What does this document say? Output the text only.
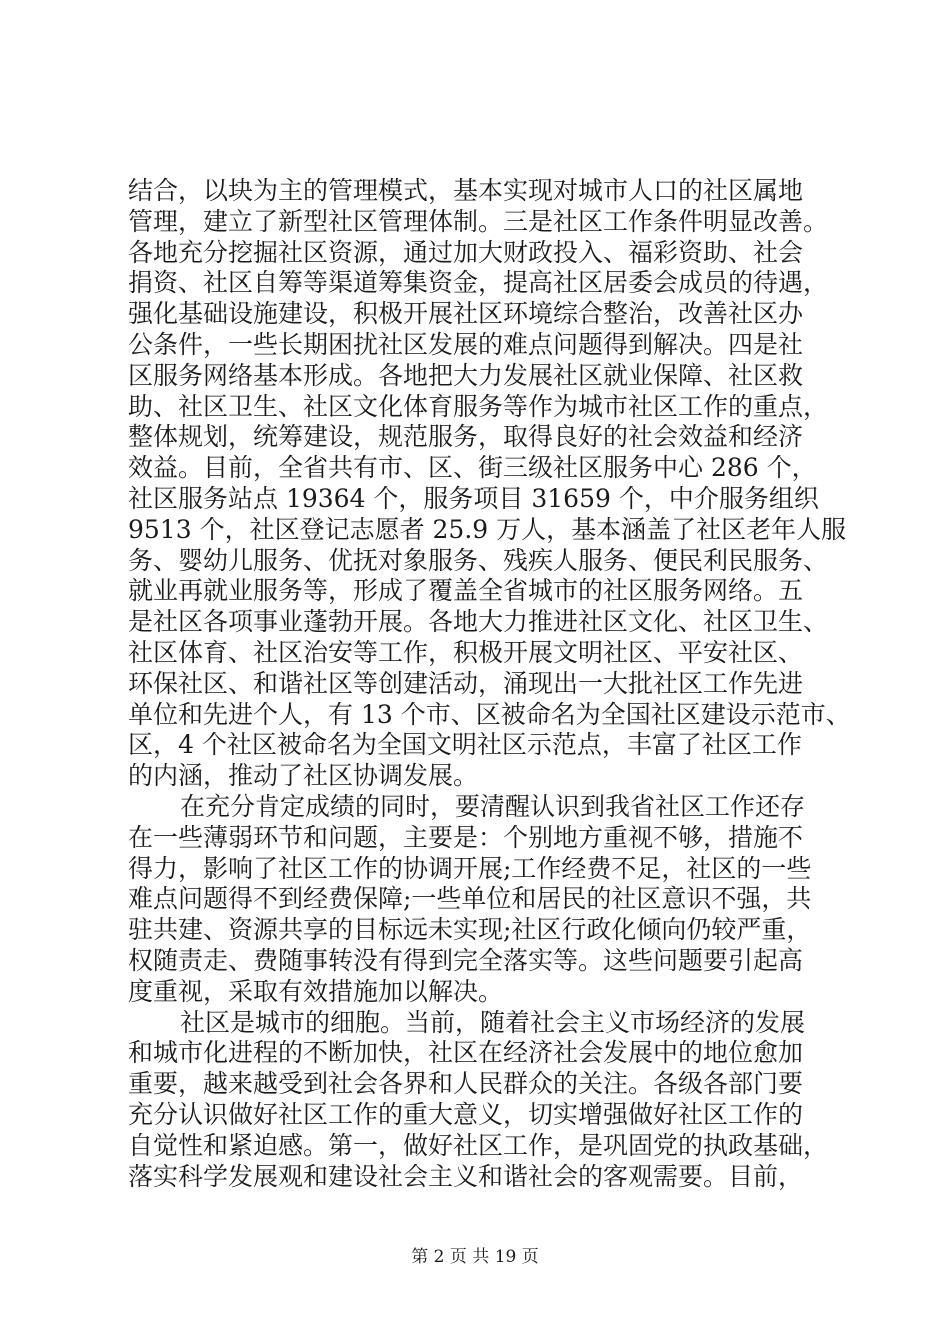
结合，以块为主的管理模式，基本实现对城市人口的社区属地
管理，建立了新型社区管理体制。三是社区工作条件明显改善。
各地充分挖掘社区资源，通过加大财政投入、福彩资助、社会
捐资、社区自筹等渠道筹集资金，提高社区居委会成员的待遇，
强化基础设施建设，积极开展社区环境综合整治，改善社区办
公条件，一些长期困扰社区发展的难点问题得到解决。四是社
区服务网络基本形成。各地把大力发展社区就业保障、社区救
助、社区卫生、社区文化体育服务等作为城市社区工作的重点，
整体规划，统筹建设，规范服务，取得良好的社会效益和经济
效益。目前，全省共有市、区、街三级社区服务中心 286 个，
社区服务站点 19364 个，服务项目 31659 个，中介服务组织
9513 个，社区登记志愿者 25.9 万人，基本涵盖了社区老年人服
务、婴幼儿服务、优抚对象服务、残疾人服务、便民利民服务、
就业再就业服务等，形成了覆盖全省城市的社区服务网络。五
是社区各项事业蓬勃开展。各地大力推进社区文化、社区卫生、
社区体育、社区治安等工作，积极开展文明社区、平安社区、
环保社区、和谐社区等创建活动，涌现出一大批社区工作先进
单位和先进个人，有 13 个市、区被命名为全国社区建设示范市、
区，4 个社区被命名为全国文明社区示范点，丰富了社区工作
的内涵，推动了社区协调发展。
在充分肯定成绩的同时，要清醒认识到我省社区工作还存
在一些薄弱环节和问题，主要是：个别地方重视不够，措施不
得力，影响了社区工作的协调开展;工作经费不足，社区的一些
难点问题得不到经费保障;一些单位和居民的社区意识不强，共
驻共建、资源共享的目标远未实现;社区行政化倾向仍较严重，
权随责走、费随事转没有得到完全落实等。这些问题要引起高
度重视，采取有效措施加以解决。
社区是城市的细胞。当前，随着社会主义市场经济的发展
和城市化进程的不断加快，社区在经济社会发展中的地位愈加
重要，越来越受到社会各界和人民群众的关注。各级各部门要
充分认识做好社区工作的重大意义，切实增强做好社区工作的
自觉性和紧迫感。第一，做好社区工作，是巩固党的执政基础，
落实科学发展观和建设社会主义和谐社会的客观需要。目前，
第 2 页 共 19 页
